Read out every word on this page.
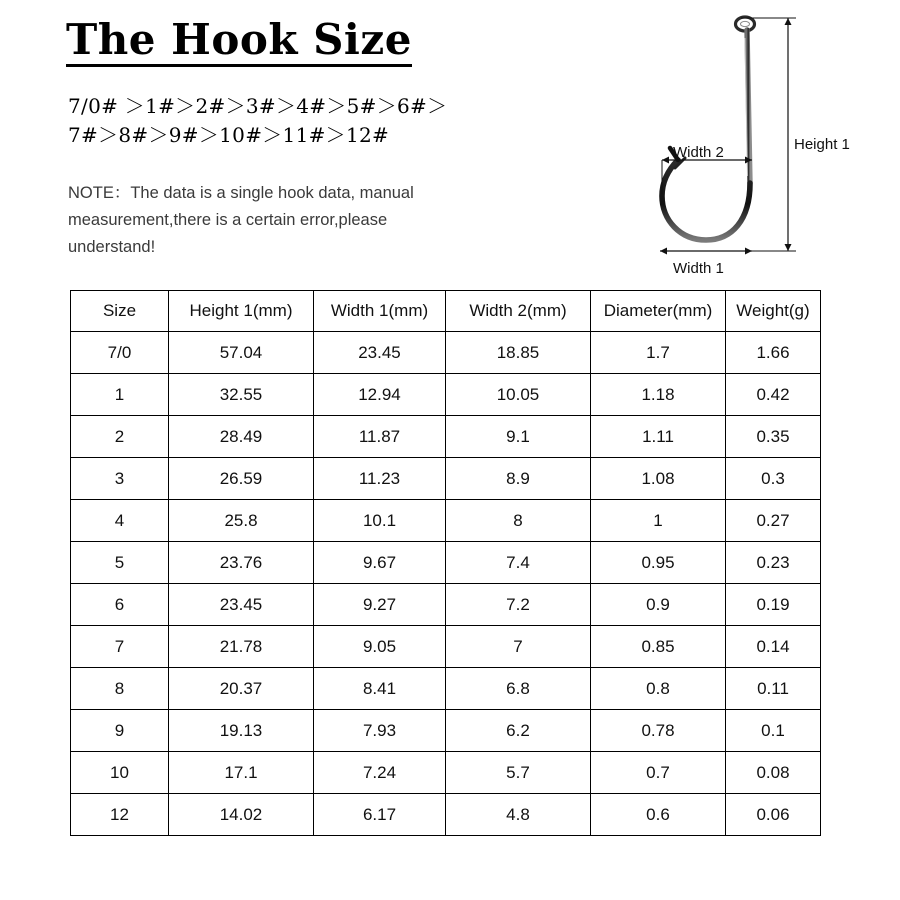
The Hook Size
7/0# ＞1#＞2#＞3#＞4#＞5#＞6#＞
7#＞8#＞9#＞10#＞11#＞12#
NOTE：The data is a single hook data, manual measurement,there is a certain error,please understand!
Height 1
Width 2
Width 1
Size	Height 1(mm)	Width 1(mm)	Width 2(mm)	Diameter(mm)	Weight(g)
7/0	57.04	23.45	18.85	1.7	1.66
1	32.55	12.94	10.05	1.18	0.42
2	28.49	11.87	9.1	1.11	0.35
3	26.59	11.23	8.9	1.08	0.3
4	25.8	10.1	8	1	0.27
5	23.76	9.67	7.4	0.95	0.23
6	23.45	9.27	7.2	0.9	0.19
7	21.78	9.05	7	0.85	0.14
8	20.37	8.41	6.8	0.8	0.11
9	19.13	7.93	6.2	0.78	0.1
10	17.1	7.24	5.7	0.7	0.08
12	14.02	6.17	4.8	0.6	0.06
